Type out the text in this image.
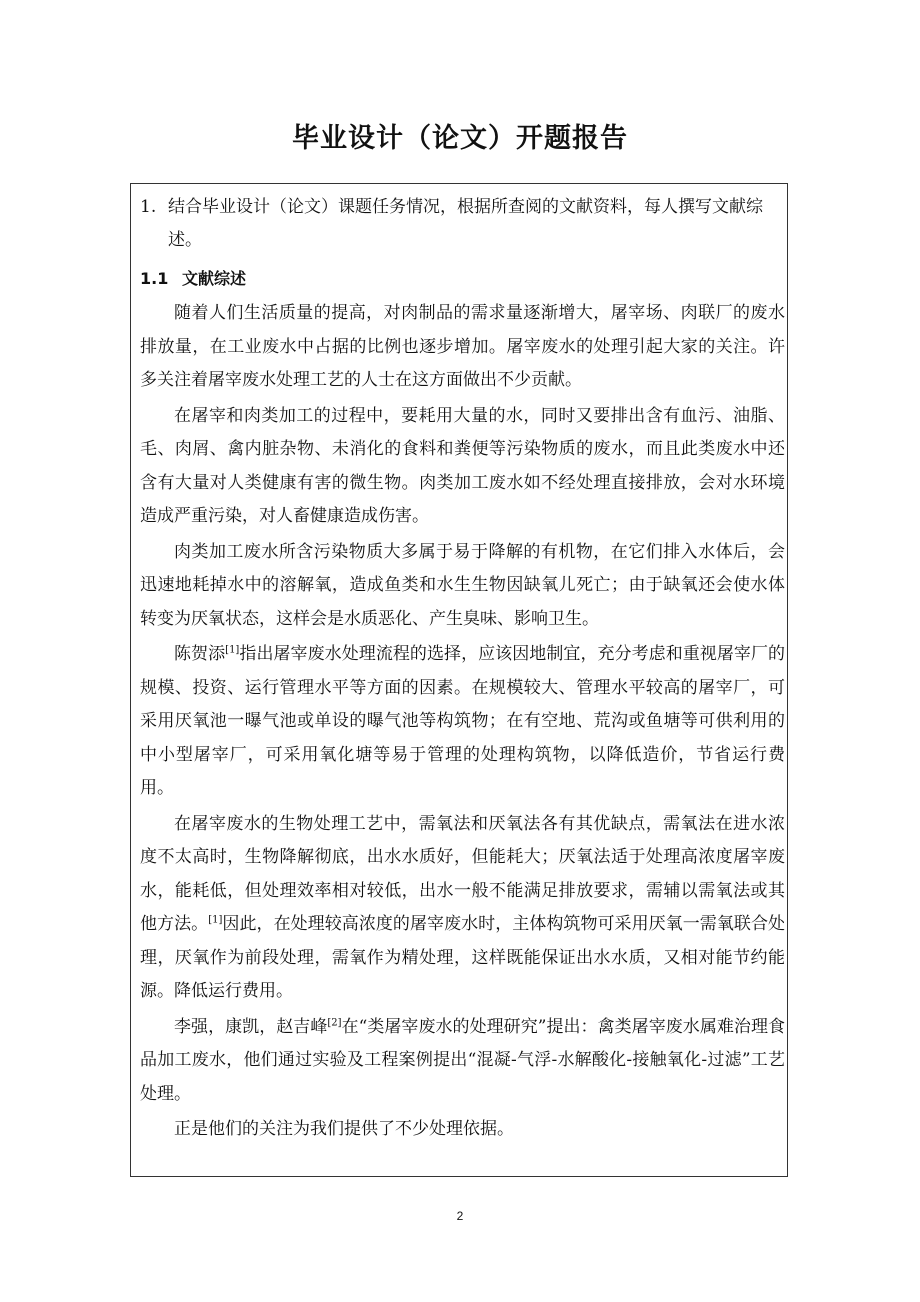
毕业设计（论文）开题报告
1. 结合毕业设计（论文）课题任务情况，根据所查阅的文献资料，每人撰写文献综述。
1.1 文献综述

随着人们生活质量的提高，对肉制品的需求量逐渐增大，屠宰场、肉联厂的废水排放量，在工业废水中占据的比例也逐步增加。屠宰废水的处理引起大家的关注。许多关注着屠宰废水处理工艺的人士在这方面做出不少贡献。

在屠宰和肉类加工的过程中，要耗用大量的水，同时又要排出含有血污、油脂、毛、肉屑、禽内脏杂物、未消化的食料和粪便等污染物质的废水，而且此类废水中还含有大量对人类健康有害的微生物。肉类加工废水如不经处理直接排放，会对水环境造成严重污染，对人畜健康造成伤害。

肉类加工废水所含污染物质大多属于易于降解的有机物，在它们排入水体后，会迅速地耗掉水中的溶解氧，造成鱼类和水生生物因缺氧儿死亡；由于缺氧还会使水体转变为厌氧状态，这样会是水质恶化、产生臭味、影响卫生。

陈贺添[1]指出屠宰废水处理流程的选择，应该因地制宜，充分考虑和重视屠宰厂的规模、投资、运行管理水平等方面的因素。在规模较大、管理水平较高的屠宰厂，可采用厌氧池一曝气池或单设的曝气池等构筑物；在有空地、荒沟或鱼塘等可供利用的中小型屠宰厂，可采用氧化塘等易于管理的处理构筑物，以降低造价，节省运行费用。

在屠宰废水的生物处理工艺中，需氧法和厌氧法各有其优缺点，需氧法在进水浓度不太高时，生物降解彻底，出水水质好，但能耗大；厌氧法适于处理高浓度屠宰废水，能耗低，但处理效率相对较低，出水一般不能满足排放要求，需辅以需氧法或其他方法。[1]因此，在处理较高浓度的屠宰废水时，主体构筑物可采用厌氧一需氧联合处理，厌氧作为前段处理，需氧作为精处理，这样既能保证出水水质，又相对能节约能源。降低运行费用。

李强，康凯，赵吉峰[2]在“类屠宰废水的处理研究”提出：禽类屠宰废水属难治理食品加工废水，他们通过实验及工程案例提出“混凝-气浮-水解酸化-接触氧化-过滤”工艺处理。

正是他们的关注为我们提供了不少处理依据。

2
